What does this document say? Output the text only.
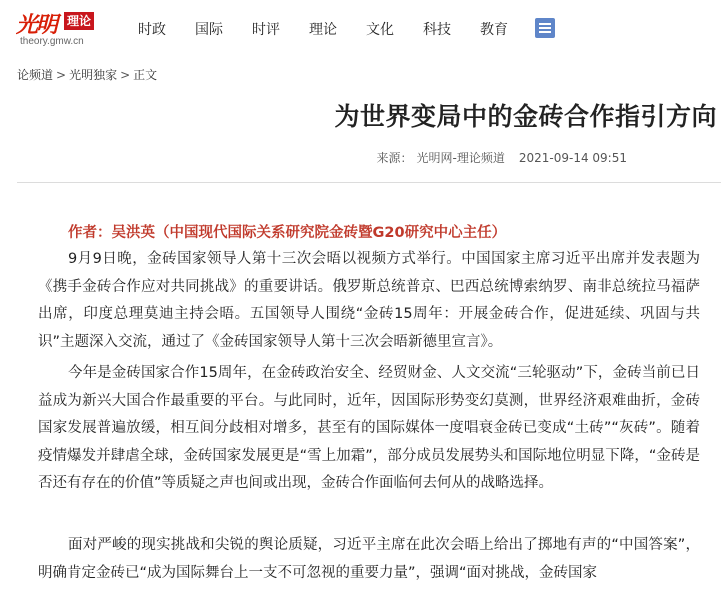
光明 理论
theory.gmw.cn
时政 国际 时评 理论 文化 科技 教育
论频道 > 光明独家 > 正文
为世界变局中的金砖合作指引方向
来源： 光明网-理论频道 2021-09-14 09:51
作者：吴洪英（中国现代国际关系研究院金砖暨G20研究中心主任）

9月9日晚，金砖国家领导人第十三次会晤以视频方式举行。中国国家主席习近平出席并发表题为《携手金砖合作应对共同挑战》的重要讲话。俄罗斯总统普京、巴西总统博索纳罗、南非总统拉马福萨出席，印度总理莫迪主持会晤。五国领导人围绕“金砖15周年：开展金砖合作，促进延续、巩固与共识”主题深入交流，通过了《金砖国家领导人第十三次会晤新德里宣言》。

今年是金砖国家合作15周年，在金砖政治安全、经贸财金、人文交流“三轮驱动”下，金砖当前已日益成为新兴大国合作最重要的平台。与此同时，近年，因国际形势变幻莫测，世界经济艰难曲折，金砖国家发展普遍放缓，相互间分歧相对增多，甚至有的国际媒体一度唱衰金砖已变成“土砖”“灰砖”。随着疫情爆发并肆虐全球，金砖国家发展更是“雪上加霜”，部分成员发展势头和国际地位明显下降，“金砖是否还有存在的价值”等质疑之声也间或出现，金砖合作面临何去何从的战略选择。

面对严峻的现实挑战和尖锐的舆论质疑，习近平主席在此次会晤上给出了掷地有声的“中国答案”，明确肯定金砖已“成为国际舞台上一支不可忽视的重要力量”，强调“面对挑战，金砖国家
